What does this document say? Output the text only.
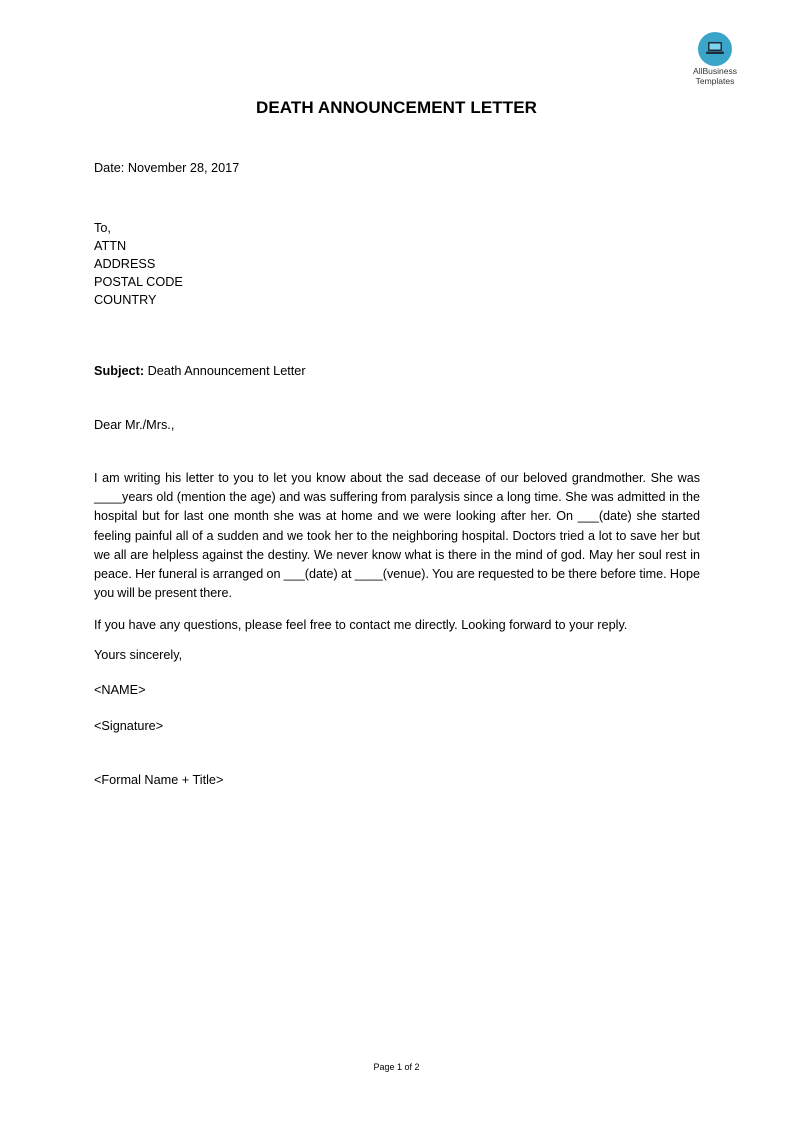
AllBusiness
Templates
DEATH ANNOUNCEMENT LETTER
Date: November 28, 2017
To,
ATTN
ADDRESS
POSTAL CODE
COUNTRY
Subject: Death Announcement Letter
Dear Mr./Mrs.,
I am writing his letter to you to let you know about the sad decease of our beloved grandmother. She was ____years old (mention the age) and was suffering from paralysis since a long time. She was admitted in the hospital but for last one month she was at home and we were looking after her. On ___(date) she started feeling painful all of a sudden and we took her to the neighboring hospital. Doctors tried a lot to save her but we all are helpless against the destiny. We never know what is there in the mind of god. May her soul rest in peace. Her funeral is arranged on ___(date) at ____(venue). You are requested to be there before time. Hope you will be present there.
If you have any questions, please feel free to contact me directly. Looking forward to your reply.
Yours sincerely,
<NAME>
<Signature>
<Formal Name + Title>
Page 1 of 2
